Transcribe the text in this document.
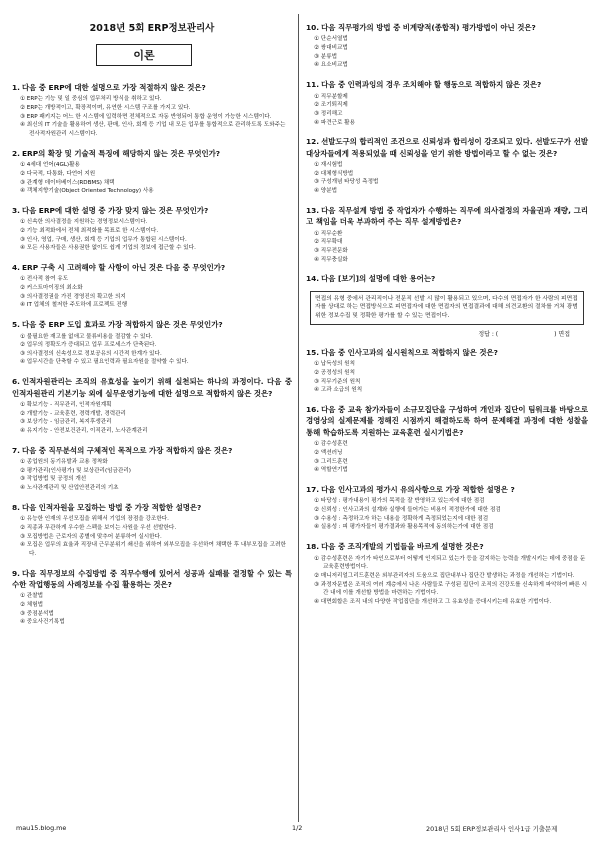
2018년 5회 ERP정보관리사
이론
1. 다음 중 ERP에 대한 설명으로 가장 적절하지 않은 것은?
① ERP는 기능 및 일 중심의 업무처리 방식을 취하고 있다.
② ERP는 개방적이고, 확장적이며, 유연한 시스템 구조를 가지고 있다.
③ ERP 패키지는 어느 한 시스템에 입력하면 전체적으로 자동 반영되어 통합 운영이 가능한 시스템이다.
④ 최신의 IT 기술을 활용하여 생산, 판매, 인사, 회계 등 기업 내 모든 업무를 통합적으로 관리하도록 도와주는 전사적자원관리 시스템이다.
2. ERP의 확장 및 기술적 특징에 해당하지 않는 것은 무엇인가?
① 4세대 언어(4GL)활용
② 다국적, 다통화, 다언어 지원
③ 관계형 데이터베이스(RDBMS) 채택
④ 객체지향기술(Object Oriented Technology) 사용
3. 다음 ERP에 대한 설명 중 가장 맞지 않는 것은 무엇인가?
① 신속한 의사결정을 지원하는 경영정보시스템이다.
② 기능 최적화에서 전체 최적화를 목표로 한 시스템이다.
③ 인사, 영업, 구매, 생산, 회계 등 기업의 업무가 통합된 시스템이다.
④ 모든 사용자들은 사용권한 없이도 쉽게 기업의 정보에 접근할 수 있다.
4. ERP 구축 시 고려해야 할 사항이 아닌 것은 다음 중 무엇인가?
① 전사적 참여 유도
② 커스트마이징의 최소화
③ 의사결정권을 가진 경영진의 확고한 의지
④ IT 업체의 철저한 주도하에 프로젝트 진행
5. 다음 중 ERP 도입 효과로 가장 적합하지 않은 것은 무엇인가?
① 불필요한 재고를 없애고 물류비용을 절감할 수 있다.
② 업무의 정확도가 증대되고 업무 프로세스가 단축된다.
③ 의사결정의 신속성으로 정보공유의 시간적 한계가 있다.
④ 업무시간을 단축할 수 있고 필요인력과 필요자원을 절약할 수 있다.
6. 인적자원관리는 조직의 유효성을 높이기 위해 실천되는 하나의 과정이다. 다음 중 인적자원관리 기본기능 외에 실무운영기능에 대한 설명으로 적합하지 않은 것은?
① 확보기능 - 직무관리, 인적자원계획
② 개발기능 - 교육훈련, 경력개발, 경력관리
③ 보상기능 - 임금관리, 복지후생관리
④ 유지기능 - 안전보건관리, 이직관리, 노사관계관리
7. 다음 중 직무분석의 구체적인 목적으로 가장 적합하지 않은 것은?
① 종업원의 동기유발과 교용 정착화
② 평가관리(인사평가) 및 보상관리(임금관리)
③ 작업방법 및 공정의 개선
④ 노사관계관리 및 산업안전관리의 기초
8. 다음 인적자원을 모집하는 방법 중 가장 적합한 설명은?
① 유능한 인재의 우선모집을 위해서 기업의 장점을 강조한다.
② 직종과 무관하게 우수한 스펙을 보이는 사원을 우선 선발한다.
③ 모집방법은 근로자의 종별에 맞추어 분류하여 실시한다.
④ 모집은 업무의 효율과 직장내 근무분위기 쇄신을 위하여 외부모집을 우선하여 채택한 후 내부모집을 고려한다.
9. 다음 직무정보의 수집방법 중 직무수행에 있어서 성공과 실패를 결정할 수 있는 특수한 작업행동의 사례정보를 수집 활용하는 것은?
① 관찰법
② 체험법
③ 중점분석법
④ 중요사건기록법
10. 다음 직무평가의 방법 중 비계량적(종합적) 평가방법이 아닌 것은?
① 단순서열법
② 쌍대비교법
③ 분류법
④ 요소비교법
11. 다음 중 인력과잉의 경우 조치해야 할 행동으로 적합하지 않은 것은?
① 직무분할제
② 조기퇴직제
③ 정리해고
④ 파견근로 활용
12. 선발도구의 합리적인 조건으로 신뢰성과 합리성이 강조되고 있다. 선발도구가 선발대상자들에게 적용되었을 때 신뢰성을 얻기 위한 방법이라고 할 수 없는 것은?
① 재시험법
② 대체형식방법
③ 구성개념 타당성 측정법
④ 양분법
13. 다음 직무설계 방법 중 작업자가 수행하는 직무에 의사결정의 자율권과 재량, 그리고 책임을 더욱 부과하여 주는 직무 설계방법은?
① 직무순환
② 직무확대
③ 직무전문화
④ 직무충실화
14. 다음 [보기]의 설명에 대한 용어는?
면접의 유형 중에서 관리직이나 전문직 선발 시 많이 활용되고 있으며, 다수의 면접자가 한 사람의 피면접자를 상대로 하는 면접방식으로 피면접자에 대한 면접자의 면접결과에 대해 의견교환의 절차를 거쳐 광범위한 정보수집 및 정확한 평가를 할 수 있는 면접이다.
정답 : (	) 면접
15. 다음 중 인사고과의 실시원칙으로 적합하지 않은 것은?
① 납득성의 원칙
② 공정성의 원칙
③ 직무기준의 원칙
④ 고과 소급의 원칙
16. 다음 중 교육 참가자들이 소규모집단을 구성하여 개인과 집단이 팀워크를 바탕으로 경영상의 실제문제를 정해진 시점까지 해결하도록 하여 문제해결 과정에 대한 성찰을 통해 학습하도록 지원하는 교육훈련 실시기법은?
① 감수성훈련
② 액션러닝
③ 그리드훈련
④ 역할연기법
17. 다음 인사고과의 평가시 유의사항으로 가장 적합한 설명은 ?
① 타당성 : 평가내용이 평가의 목적을 잘 반영하고 있는지에 대한 점검
② 신뢰성 : 인사고과의 설계와 실행에 들어가는 비용이 적정한가에 대한 점검
③ 수용성 : 측정하고자 하는 내용을 정확하게 측정되었는지에 대한 점검
④ 실용성 : 피 평가자들이 평가결과와 활용목적에 동의하는가에 대한 점검
18. 다음 중 조직개발의 기법들을 바르게 설명한 것은?
① 감수성훈련은 자기가 타인으로부터 어떻게 인지되고 있는가 등을 감지하는 능력을 개발시키는 데에 중점을 둔 교육훈련방법이다.
② 매니저리얼그리드훈련은 외부관리자의 도움으로 집단내부나 집단간 발생하는 과정을 개선하는 기법이다.
③ 과정자문법은 조직의 여러 계층에서 나온 사람들로 구성된 집단이 조직의 건강도를 신속하게 파악하여 빠른 시간 내에 이를 개선할 방법을 마련하는 기법이다.
④ 대면회합은 조직 내의 다양한 작업집단을 개선하고 그 유효성을 증대시키는데 유효한 기법이다.
mau15.blog.me	1/2	2018년 5회 ERP정보관리사 인사1급 기출문제
